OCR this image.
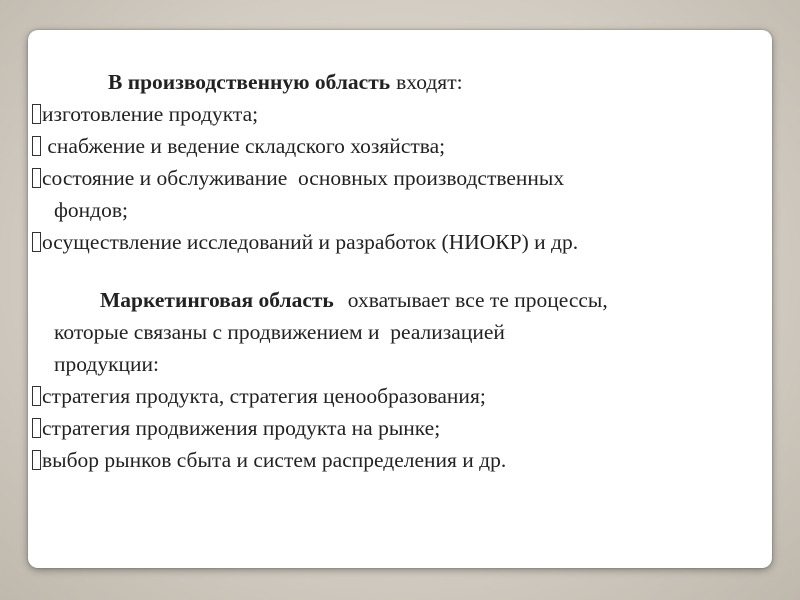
В производственную область входят:
изготовление продукта;
снабжение и ведение складского хозяйства;
состояние и обслуживание  основных производственных
фондов;
осуществление исследований и разработок (НИОКР) и др.
Маркетинговая область охватывает все те процессы,
которые связаны с продвижением и  реализацией
продукции:
стратегия продукта, стратегия ценообразования;
стратегия продвижения продукта на рынке;
выбор рынков сбыта и систем распределения и др.
